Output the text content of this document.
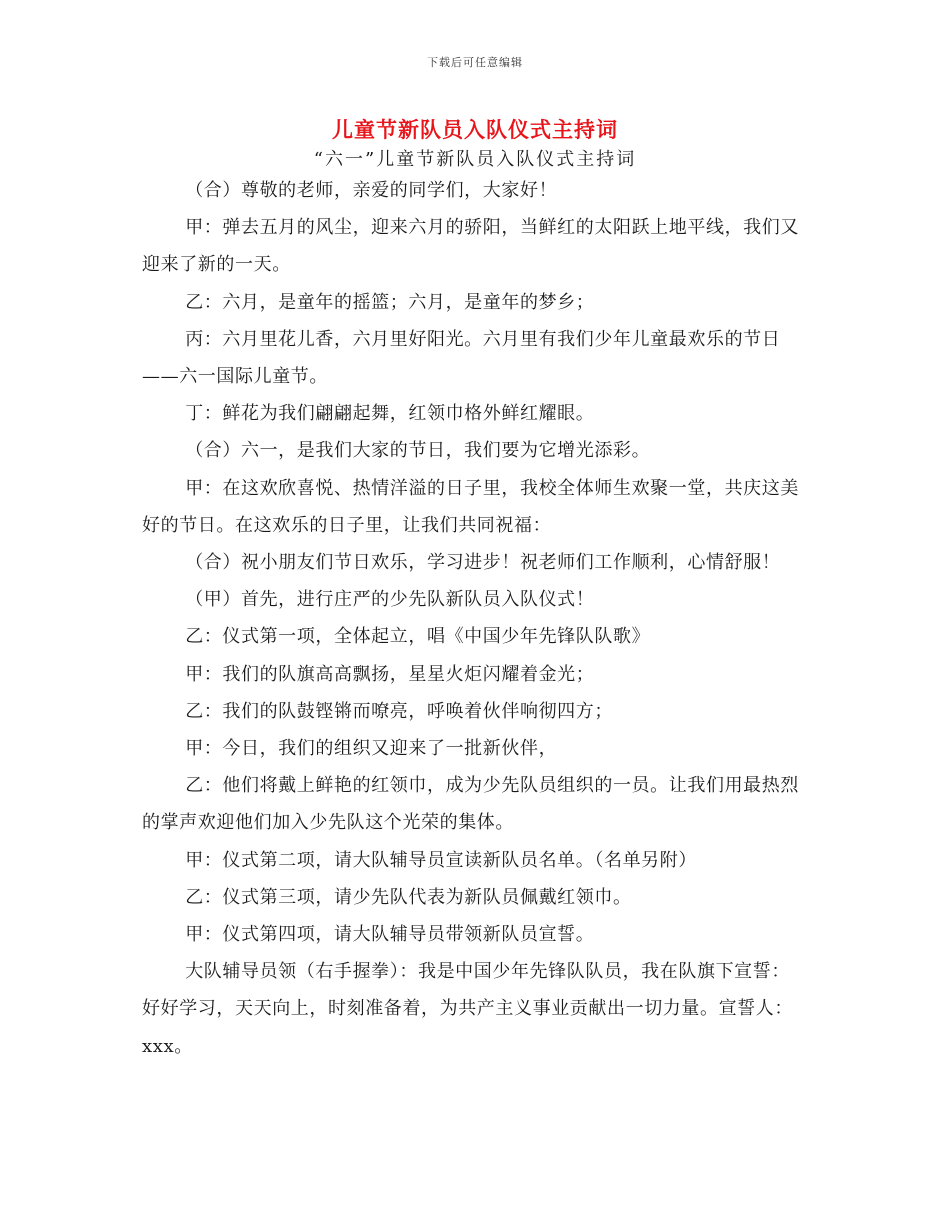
下载后可任意编辑
儿童节新队员入队仪式主持词
“六一”儿童节新队员入队仪式主持词

（合）尊敬的老师，亲爱的同学们，大家好！

甲：弹去五月的风尘，迎来六月的骄阳，当鲜红的太阳跃上地平线，我们又迎来了新的一天。

乙：六月，是童年的摇篮；六月，是童年的梦乡；

丙：六月里花儿香，六月里好阳光。六月里有我们少年儿童最欢乐的节日——六一国际儿童节。

丁：鲜花为我们翩翩起舞，红领巾格外鲜红耀眼。

（合）六一，是我们大家的节日，我们要为它增光添彩。

甲：在这欢欣喜悦、热情洋溢的日子里，我校全体师生欢聚一堂，共庆这美好的节日。在这欢乐的日子里，让我们共同祝福：

（合）祝小朋友们节日欢乐，学习进步！祝老师们工作顺利，心情舒服！

（甲）首先，进行庄严的少先队新队员入队仪式！

乙：仪式第一项，全体起立，唱《中国少年先锋队队歌》

甲：我们的队旗高高飘扬，星星火炬闪耀着金光；

乙：我们的队鼓铿锵而嘹亮，呼唤着伙伴响彻四方；

甲：今日，我们的组织又迎来了一批新伙伴，

乙：他们将戴上鲜艳的红领巾，成为少先队员组织的一员。让我们用最热烈的掌声欢迎他们加入少先队这个光荣的集体。

甲：仪式第二项，请大队辅导员宣读新队员名单。（名单另附）

乙：仪式第三项，请少先队代表为新队员佩戴红领巾。

甲：仪式第四项，请大队辅导员带领新队员宣誓。

大队辅导员领（右手握拳）：我是中国少年先锋队队员，我在队旗下宣誓：好好学习，天天向上，时刻准备着，为共产主义事业贡献出一切力量。宣誓人：xxx。
